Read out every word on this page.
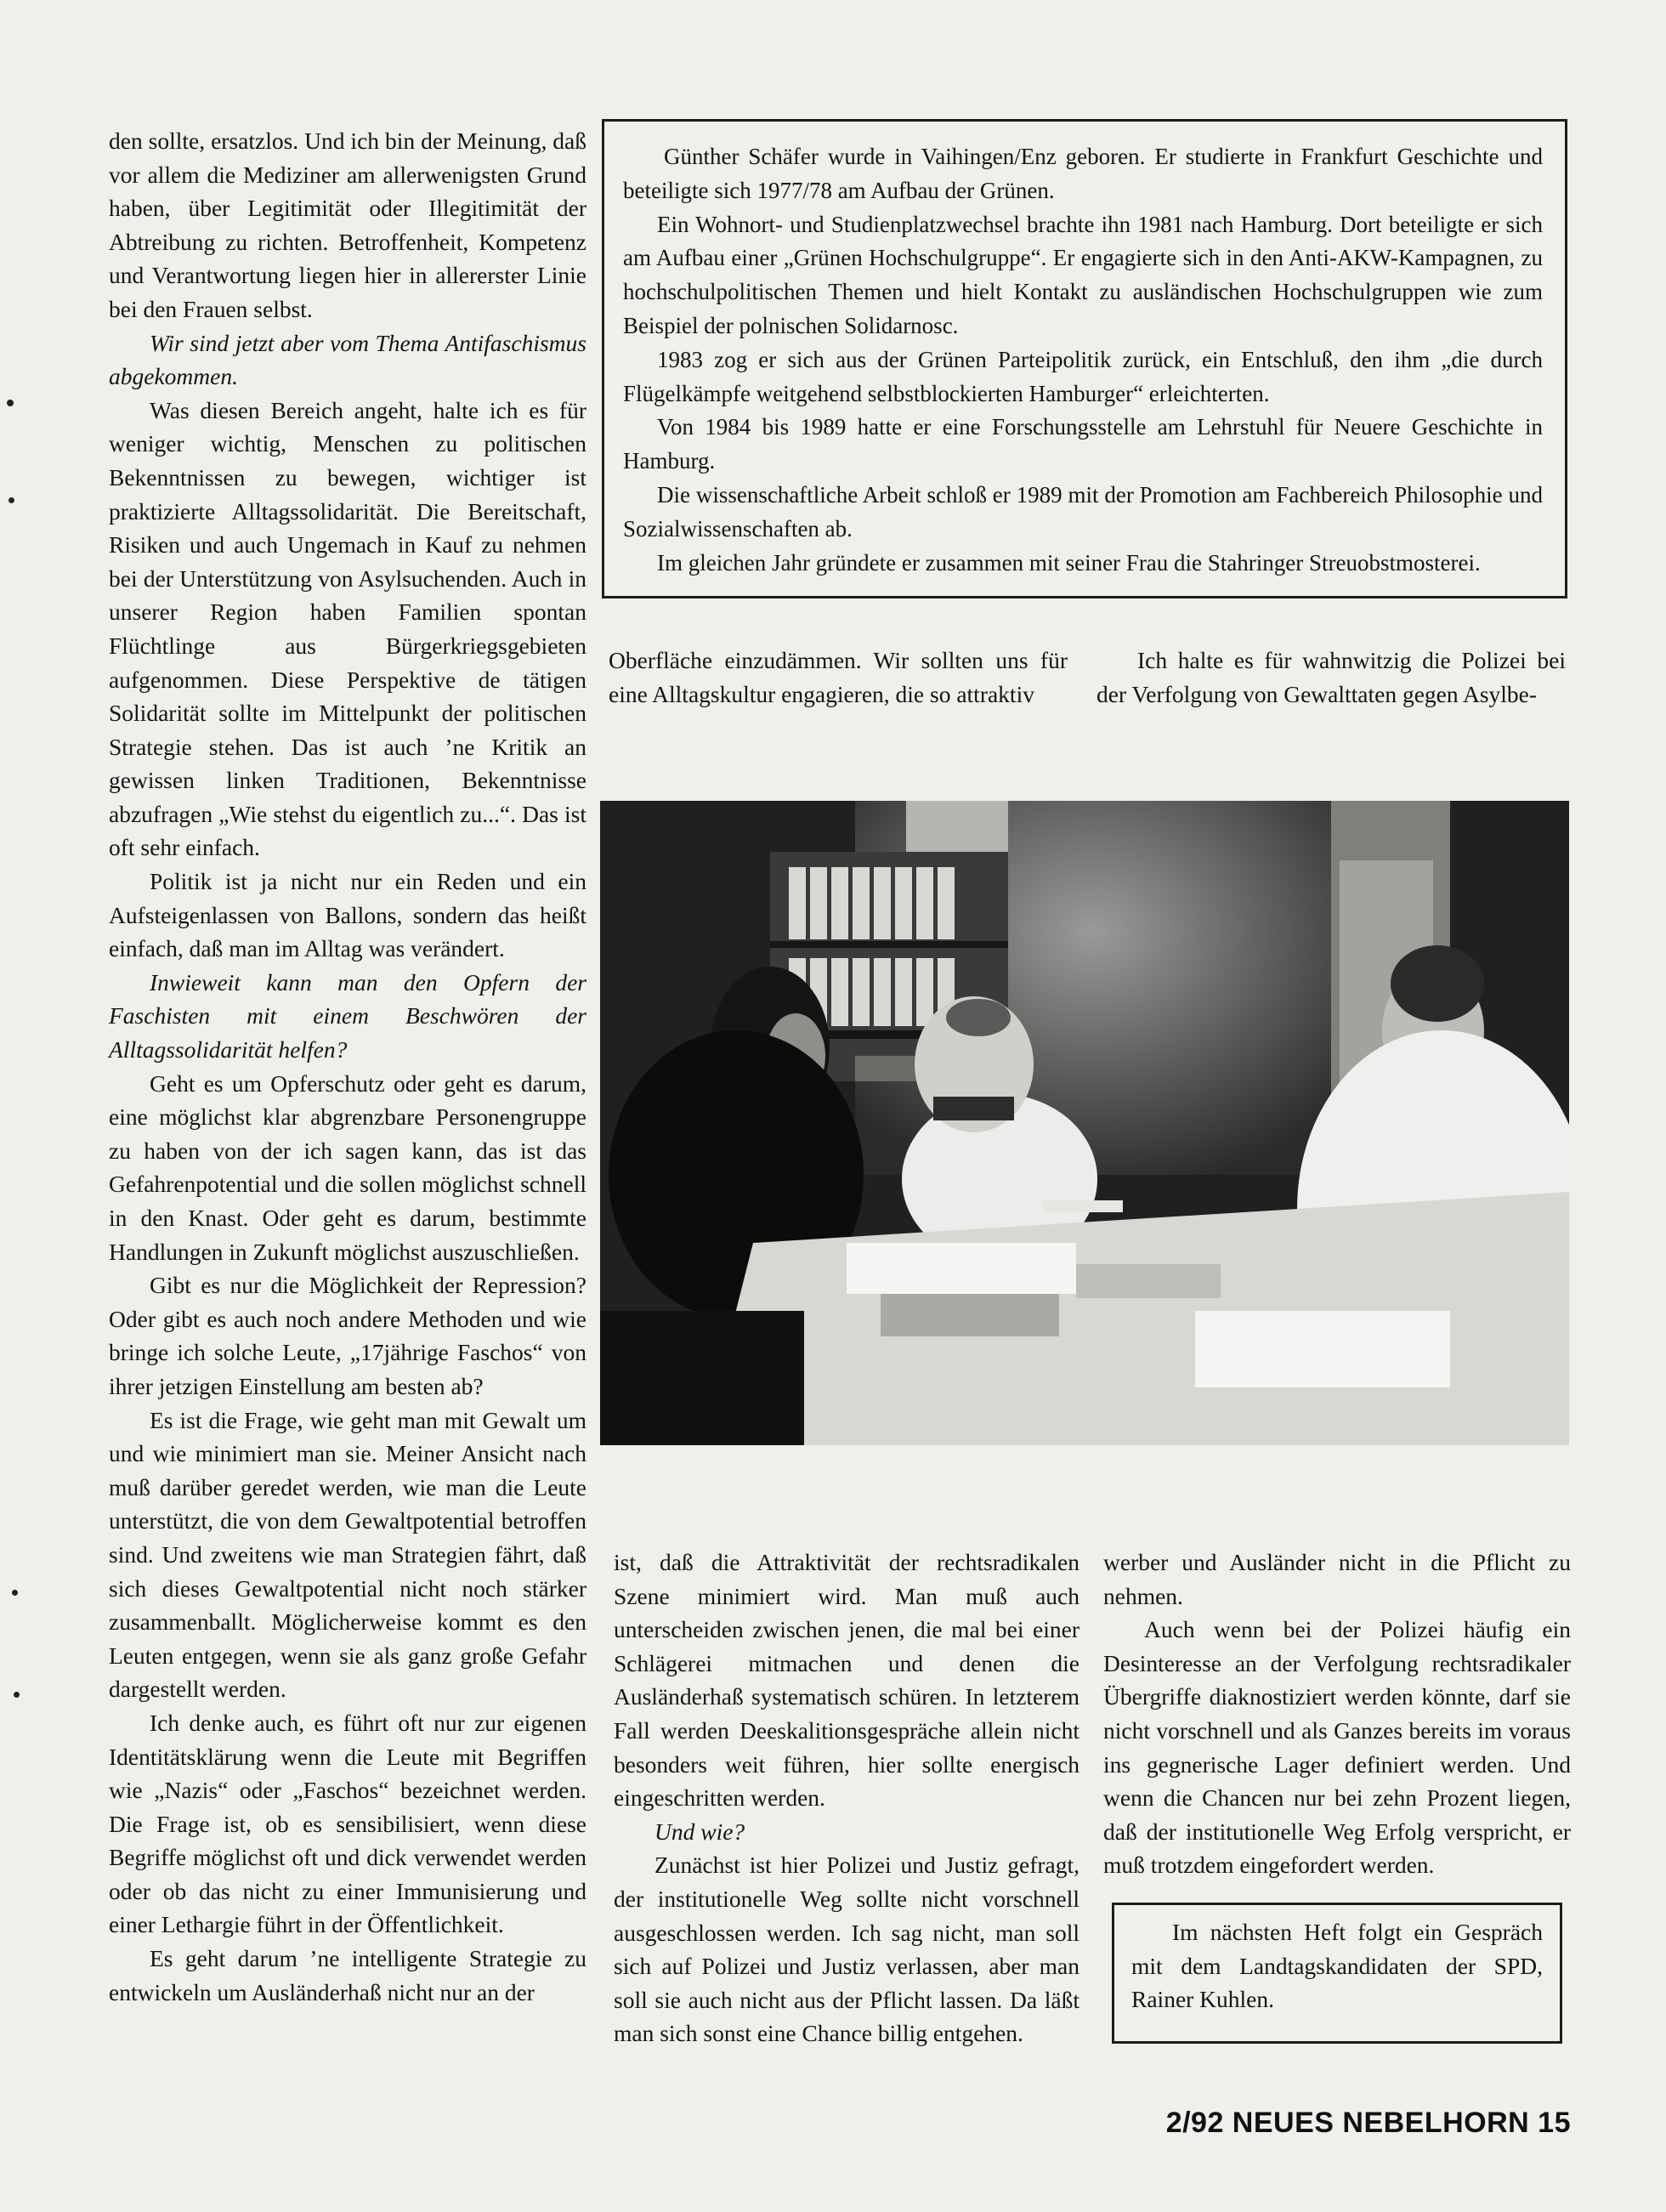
den sollte, ersatzlos. Und ich bin der Meinung, daß vor allem die Mediziner am allerwenigsten Grund haben, über Legitimität oder Illegitimität der Abtreibung zu richten. Betroffenheit, Kompetenz und Verantwortung liegen hier in allererster Linie bei den Frauen selbst.

Wir sind jetzt aber vom Thema Antifaschismus abgekommen.

Was diesen Bereich angeht, halte ich es für weniger wichtig, Menschen zu politischen Bekenntnissen zu bewegen, wichtiger ist praktizierte Alltagssolidarität. Die Bereitschaft, Risiken und auch Ungemach in Kauf zu nehmen bei der Unterstützung von Asylsuchenden. Auch in unserer Region haben Familien spontan Flüchtlinge aus Bürgerkriegsgebieten aufgenommen. Diese Perspektive de tätigen Solidarität sollte im Mittelpunkt der politischen Strategie stehen. Das ist auch ’ne Kritik an gewissen linken Traditionen, Bekenntnisse abzufragen „Wie stehst du eigentlich zu...“. Das ist oft sehr einfach.

Politik ist ja nicht nur ein Reden und ein Aufsteigenlassen von Ballons, sondern das heißt einfach, daß man im Alltag was verändert.

Inwieweit kann man den Opfern der Faschisten mit einem Beschwören der Alltagssolidarität helfen?

Geht es um Opferschutz oder geht es darum, eine möglichst klar abgrenzbare Personengruppe zu haben von der ich sagen kann, das ist das Gefahrenpotential und die sollen möglichst schnell in den Knast. Oder geht es darum, bestimmte Handlungen in Zukunft möglichst auszuschließen.

Gibt es nur die Möglichkeit der Repression? Oder gibt es auch noch andere Methoden und wie bringe ich solche Leute, „17jährige Faschos“ von ihrer jetzigen Einstellung am besten ab?

Es ist die Frage, wie geht man mit Gewalt um und wie minimiert man sie. Meiner Ansicht nach muß darüber geredet werden, wie man die Leute unterstützt, die von dem Gewaltpotential betroffen sind. Und zweitens wie man Strategien fährt, daß sich dieses Gewaltpotential nicht noch stärker zusammenballt. Möglicherweise kommt es den Leuten entgegen, wenn sie als ganz große Gefahr dargestellt werden.

Ich denke auch, es führt oft nur zur eigenen Identitätsklärung wenn die Leute mit Begriffen wie „Nazis“ oder „Faschos“ bezeichnet werden. Die Frage ist, ob es sensibilisiert, wenn diese Begriffe möglichst oft und dick verwendet werden oder ob das nicht zu einer Immunisierung und einer Lethargie führt in der Öffentlichkeit.

Es geht darum ’ne intelligente Strategie zu entwickeln um Ausländerhaß nicht nur an der

Günther Schäfer wurde in Vaihingen/Enz geboren. Er studierte in Frankfurt Geschichte und beteiligte sich 1977/78 am Aufbau der Grünen.

Ein Wohnort- und Studienplatzwechsel brachte ihn 1981 nach Hamburg. Dort beteiligte er sich am Aufbau einer „Grünen Hochschulgruppe“. Er engagierte sich in den Anti-AKW-Kampagnen, zu hochschulpolitischen Themen und hielt Kontakt zu ausländischen Hochschulgruppen wie zum Beispiel der polnischen Solidarnosc.

1983 zog er sich aus der Grünen Parteipolitik zurück, ein Entschluß, den ihm „die durch Flügelkämpfe weitgehend selbstblockierten Hamburger“ erleichterten.

Von 1984 bis 1989 hatte er eine Forschungsstelle am Lehrstuhl für Neuere Geschichte in Hamburg.

Die wissenschaftliche Arbeit schloß er 1989 mit der Promotion am Fachbereich Philosophie und Sozialwissenschaften ab.

Im gleichen Jahr gründete er zusammen mit seiner Frau die Stahringer Streuobstmosterei.

Oberfläche einzudämmen. Wir sollten uns für eine Alltagskultur engagieren, die so attraktiv

Ich halte es für wahnwitzig die Polizei bei der Verfolgung von Gewalttaten gegen Asylbe-

ist, daß die Attraktivität der rechtsradikalen Szene minimiert wird. Man muß auch unterscheiden zwischen jenen, die mal bei einer Schlägerei mitmachen und denen die Ausländerhaß systematisch schüren. In letzterem Fall werden Deeskalitionsgespräche allein nicht besonders weit führen, hier sollte energisch eingeschritten werden.

Und wie?

Zunächst ist hier Polizei und Justiz gefragt, der institutionelle Weg sollte nicht vorschnell ausgeschlossen werden. Ich sag nicht, man soll sich auf Polizei und Justiz verlassen, aber man soll sie auch nicht aus der Pflicht lassen. Da läßt man sich sonst eine Chance billig entgehen.

werber und Ausländer nicht in die Pflicht zu nehmen.

Auch wenn bei der Polizei häufig ein Desinteresse an der Verfolgung rechtsradikaler Übergriffe diaknostiziert werden könnte, darf sie nicht vorschnell und als Ganzes bereits im voraus ins gegnerische Lager definiert werden. Und wenn die Chancen nur bei zehn Prozent liegen, daß der institutionelle Weg Erfolg verspricht, er muß trotzdem eingefordert werden.

Im nächsten Heft folgt ein Gespräch mit dem Landtagskandidaten der SPD, Rainer Kuhlen.

2/92 NEUES NEBELHORN 15
